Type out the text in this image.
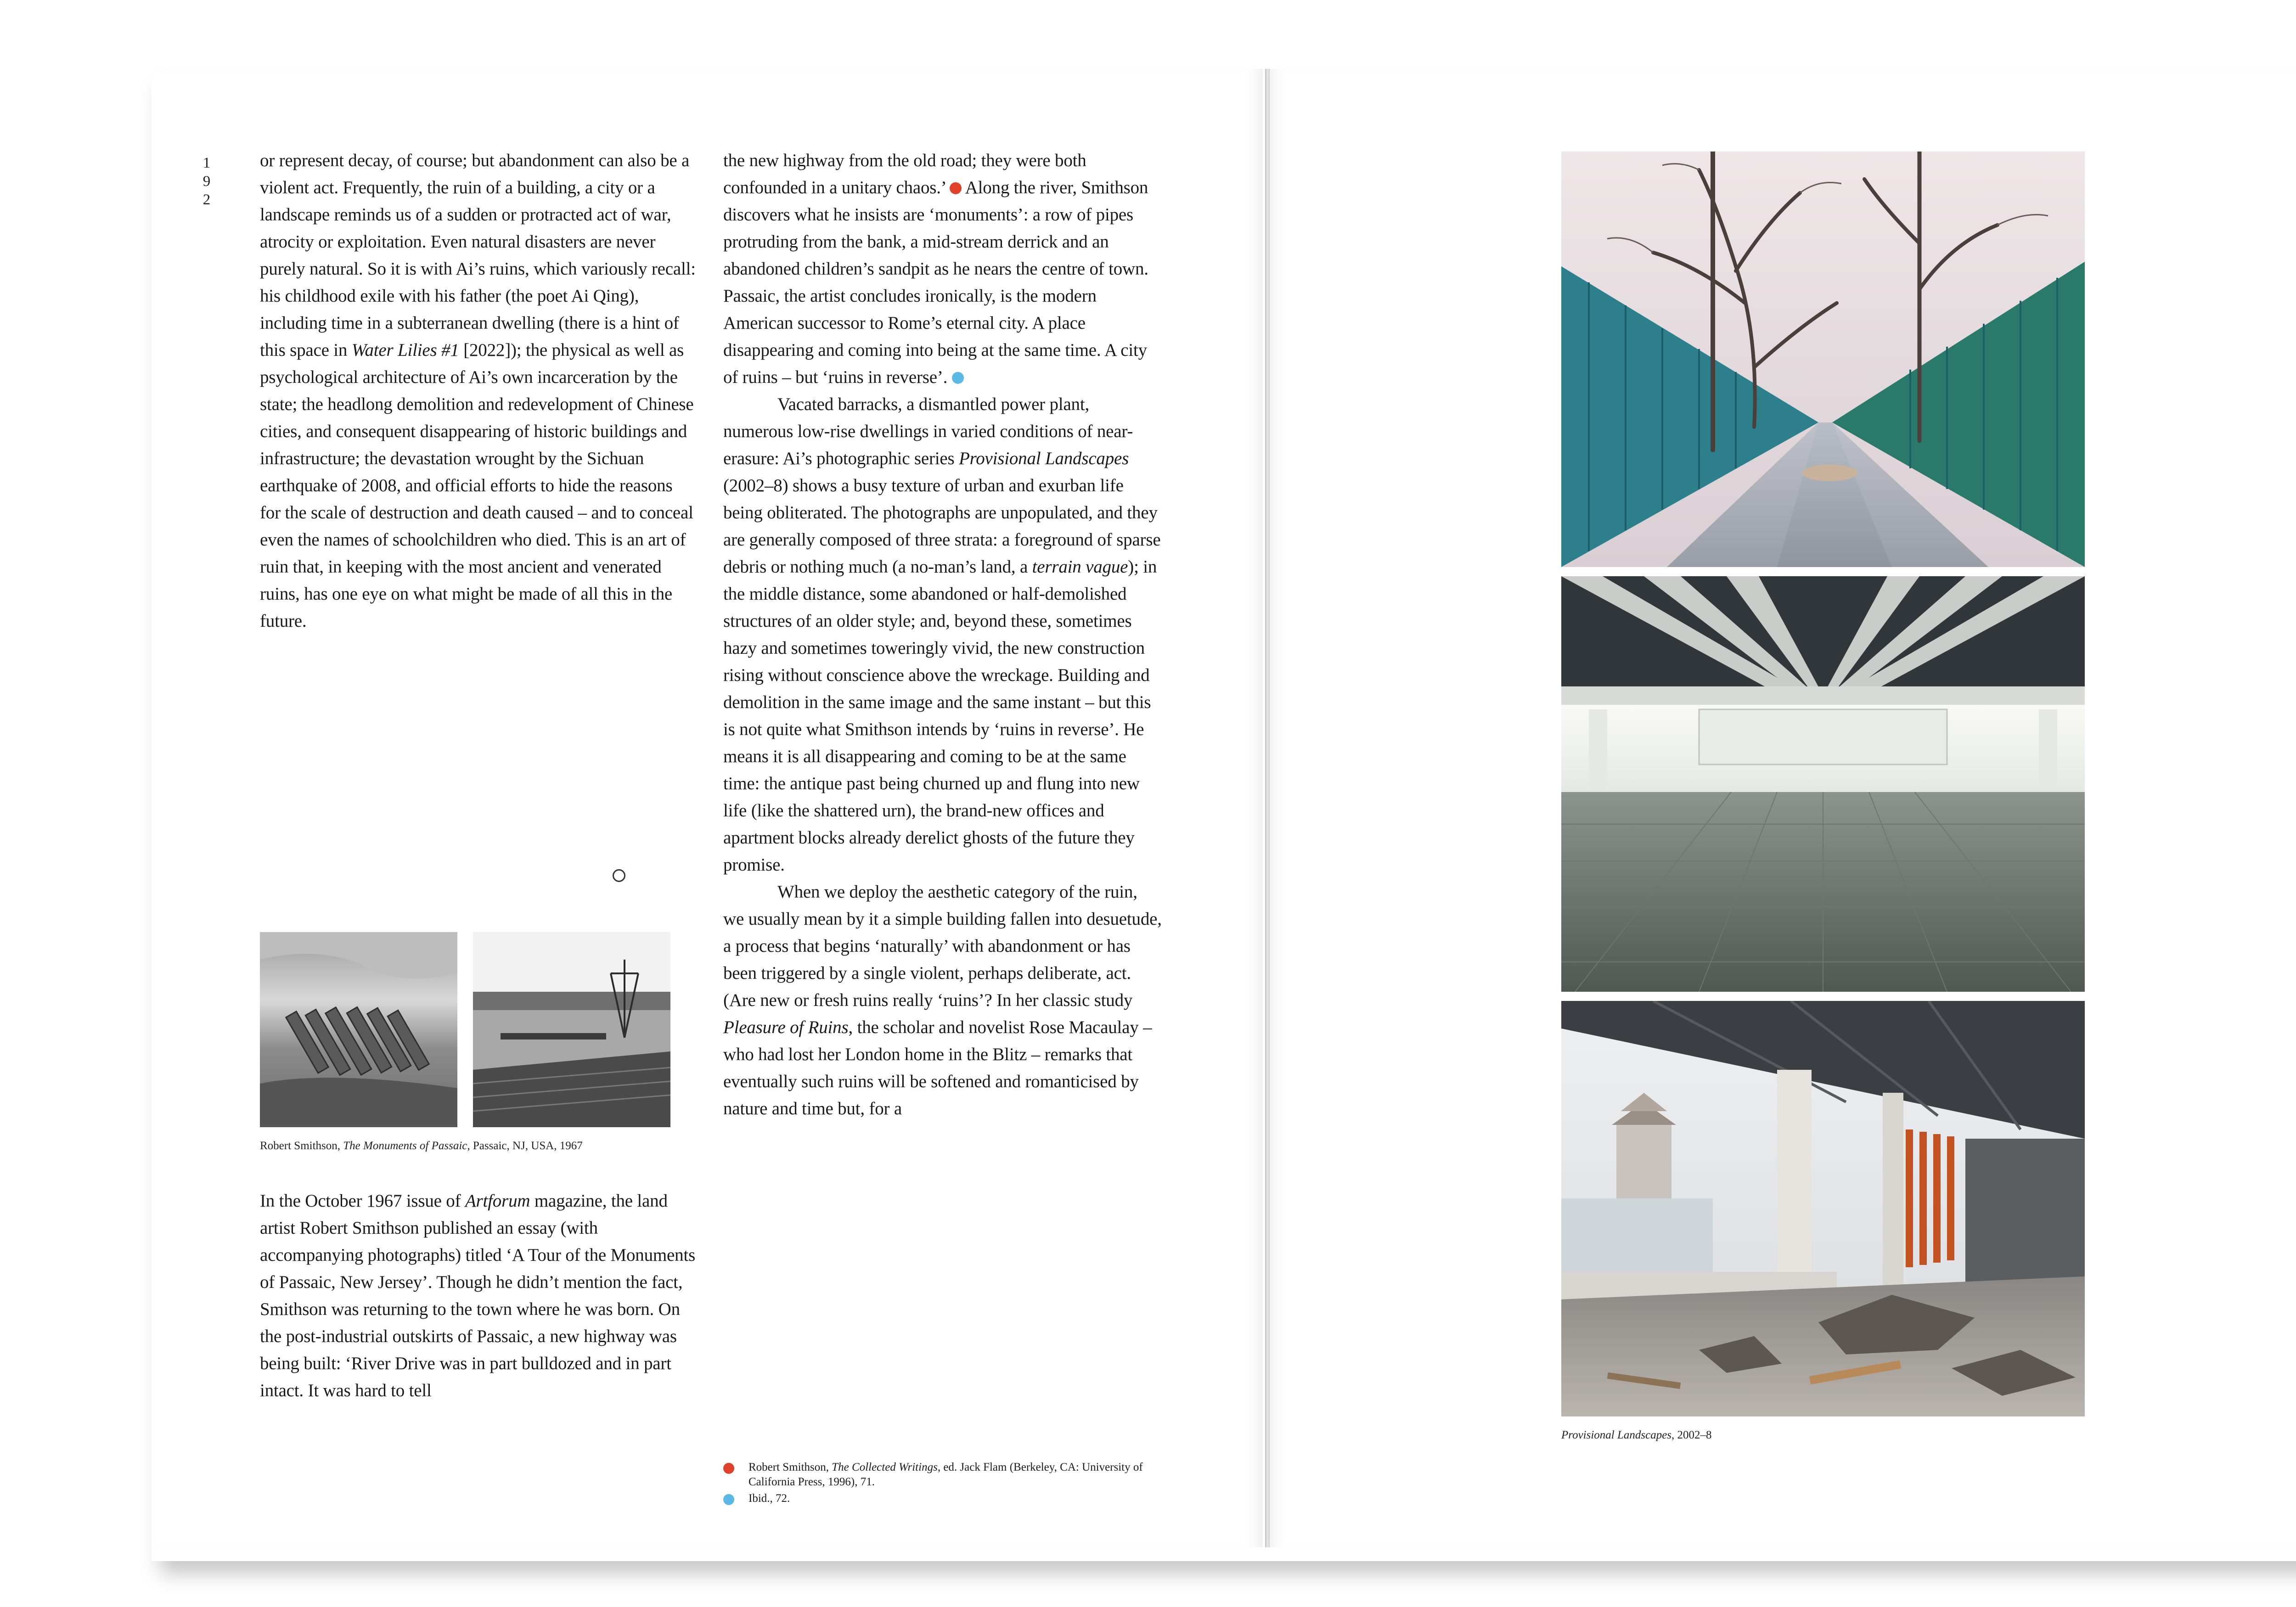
1
9
2

or represent decay, of course; but abandonment can also be a violent act. Frequently, the ruin of a building, a city or a landscape reminds us of a sudden or protracted act of war, atrocity or exploitation. Even natural disasters are never purely natural. So it is with Ai’s ruins, which variously recall: his childhood exile with his father (the poet Ai Qing), including time in a subterranean dwelling (there is a hint of this space in Water Lilies #1 [2022]); the physical as well as psychological architecture of Ai’s own incarceration by the state; the headlong demolition and redevelopment of Chinese cities, and consequent disappearing of historic buildings and infrastructure; the devastation wrought by the Sichuan earthquake of 2008, and official efforts to hide the reasons for the scale of destruction and death caused – and to conceal even the names of schoolchildren who died. This is an art of ruin that, in keeping with the most ancient and venerated ruins, has one eye on what might be made of all this in the future.

Robert Smithson, The Monuments of Passaic, Passaic, NJ, USA, 1967

In the October 1967 issue of Artforum magazine, the land artist Robert Smithson published an essay (with accompanying photographs) titled ‘A Tour of the Monuments of Passaic, New Jersey’. Though he didn’t mention the fact, Smithson was returning to the town where he was born. On the post-industrial outskirts of Passaic, a new highway was being built: ‘River Drive was in part bulldozed and in part intact. It was hard to tell

the new highway from the old road; they were both confounded in a unitary chaos.’  Along the river, Smithson discovers what he insists are ‘monuments’: a row of pipes protruding from the bank, a mid-stream derrick and an abandoned children’s sandpit as he nears the centre of town. Passaic, the artist concludes ironically, is the modern American successor to Rome’s eternal city. A place disappearing and coming into being at the same time. A city of ruins – but ‘ruins in reverse’.

Vacated barracks, a dismantled power plant, numerous low-rise dwellings in varied conditions of near-erasure: Ai’s photographic series Provisional Landscapes (2002–8) shows a busy texture of urban and exurban life being obliterated. The photographs are unpopulated, and they are generally composed of three strata: a foreground of sparse debris or nothing much (a no-man’s land, a terrain vague); in the middle distance, some abandoned or half-demolished structures of an older style; and, beyond these, sometimes hazy and sometimes toweringly vivid, the new construction rising without conscience above the wreckage. Building and demolition in the same image and the same instant – but this is not quite what Smithson intends by ‘ruins in reverse’. He means it is all disappearing and coming to be at the same time: the antique past being churned up and flung into new life (like the shattered urn), the brand-new offices and apartment blocks already derelict ghosts of the future they promise.

When we deploy the aesthetic category of the ruin, we usually mean by it a simple building fallen into desuetude, a process that begins ‘naturally’ with abandonment or has been triggered by a single violent, perhaps deliberate, act. (Are new or fresh ruins really ‘ruins’? In her classic study Pleasure of Ruins, the scholar and novelist Rose Macaulay – who had lost her London home in the Blitz – remarks that eventually such ruins will be softened and romanticised by nature and time but, for a

Robert Smithson, The Collected Writings, ed. Jack Flam (Berkeley, CA: University of California Press, 1996), 71.
Ibid., 72.
Provisional Landscapes, 2002–8
